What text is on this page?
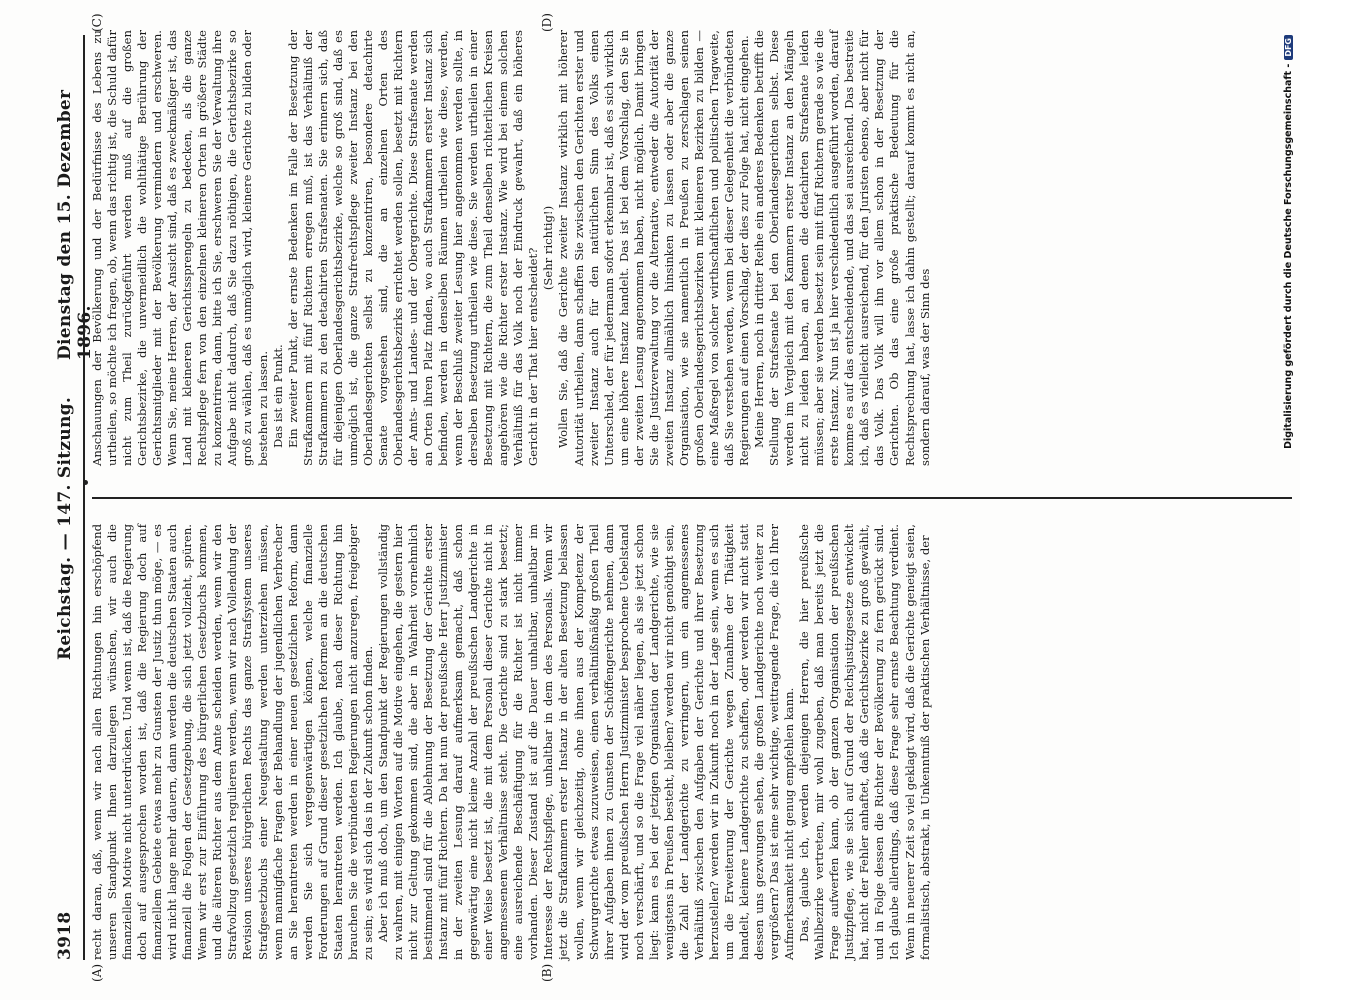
3918
Reichstag. — 147. Sitzung.
Dienstag den 15. Dezember 1896.
(A)	(B)
(C)	(D)

recht daran, daß, wenn wir nach allen Richtungen hin erschöpfend unseren Standpunkt Ihnen darzulegen wünschen, wir auch die finanziellen Motive nicht unterdrücken. Und wenn ist, daß die Regierung doch auf ausgesprochen worden ist, daß die Regierung doch auf finanziellem Gebiete etwas mehr zu Gunsten der Justiz thun möge, — es wird nicht lange mehr dauern, dann werden die deutschen Staaten auch finanziell die Folgen der Gesetzgebung, die sich jetzt vollzieht, spüren. Wenn wir erst zur Einführung des bürgerlichen Gesetzbuchs kommen, und die älteren Richter aus dem Amte scheiden werden, wenn wir den Strafvollzug gesetzlich regulieren werden, wenn wir nach Vollendung der Revision unseres bürgerlichen Rechts das ganze Strafsystem unseres Strafgesetzbuchs einer Neugestaltung werden unterziehen müssen, wenn mannigfache Fragen der Behandlung der jugendlichen Verbrecher an Sie herantreten werden in einer neuen gesetzlichen Reform, dann werden Sie sich vergegenwärtigen können, welche finanzielle Forderungen auf Grund dieser gesetzlichen Reformen an die deutschen Staaten herantreten werden. Ich glaube, nach dieser Richtung hin brauchen Sie die verbündeten Regierungen nicht anzuregen, freigebiger zu sein; es wird sich das in der Zukunft schon finden. Aber ich muß doch, um den Standpunkt der Regierungen vollständig zu wahren, mit einigen Worten auf die Motive eingehen, die gestern hier nicht zur Geltung gekommen sind, die aber in Wahrheit vornehmlich bestimmend sind für die Ablehnung der Besetzung der Gerichte erster Instanz mit fünf Richtern. Da hat nun der preußische Herr Justizminister in der zweiten Lesung darauf aufmerksam gemacht, daß schon gegenwärtig eine nicht kleine Anzahl der preußischen Landgerichte in einer Weise besetzt ist, die mit dem Personal dieser Gerichte nicht in angemessenem Verhältnisse steht. Die Gerichte sind zu stark besetzt; eine ausreichende Beschäftigung für die Richter ist nicht immer vorhanden. Dieser Zustand ist auf die Dauer unhaltbar, unhaltbar im Interesse der Rechtspflege, unhaltbar in dem des Personals. Wenn wir jetzt die Strafkammern erster Instanz in der alten Besetzung belassen wollen, wenn wir gleichzeitig, ohne ihnen aus der Kompetenz der Schwurgerichte etwas zuzuweisen, einen verhältnißmäßig großen Theil ihrer Aufgaben ihnen zu Gunsten der Schöffengerichte nehmen, dann wird der vom preußischen Herrn Justizminister besprochene Uebelstand noch verschärft, und so die Frage viel näher liegen, als sie jetzt schon liegt: kann es bei der jetzigen Organisation der Landgerichte, wie sie wenigstens in Preußen besteht, bleiben? werden wir nicht genöthigt sein, die Zahl der Landgerichte zu verringern, um ein angemessenes Verhältniß zwischen den Aufgaben der Gerichte und ihrer Besetzung herzustellen? werden wir in Zukunft noch in der Lage sein, wenn es sich um die Erweiterung der Gerichte wegen Zunahme der Thätigkeit handelt, kleinere Landgerichte zu schaffen, oder werden wir nicht statt dessen uns gezwungen sehen, die großen Landgerichte noch weiter zu vergrößern? Das ist eine sehr wichtige, weittragende Frage, die ich Ihrer Aufmerksamkeit nicht genug empfehlen kann. Das, glaube ich, werden diejenigen Herren, die hier preußische Wahlbezirke vertreten, mir wohl zugeben, daß man bereits jetzt die Frage aufwerfen kann, ob der ganzen Organisation der preußischen Justizpflege, wie sie sich auf Grund der Reichsjustizgesetze entwickelt hat, nicht der Fehler anhaftet, daß die Gerichtsbezirke zu groß gewählt, und in Folge dessen die Richter der Bevölkerung zu fern gerückt sind. Ich glaube allerdings, daß diese Frage sehr ernste Beachtung verdient. Wenn in neuerer Zeit so viel geklagt wird, daß die Gerichte geneigt seien, formalistisch, abstrakt, in Unkenntniß der praktischen Verhältnisse, der

Anschauungen der Bevölkerung und der Bedürfnisse des Lebens zu urtheilen, so möchte ich fragen, ob, wenn das richtig ist, die Schuld dafür nicht zum Theil zurückgeführt werden muß auf die großen Gerichtsbezirke, die unvermeidlich die wohlthätige Berührung der Gerichtsmitglieder mit der Bevölkerung vermindern und erschweren. Wenn Sie, meine Herren, der Ansicht sind, daß es zweckmäßiger ist, das Land mit kleineren Gerichtssprengeln zu bedecken, als die ganze Rechtspflege fern von den einzelnen kleineren Orten in größere Städte zu konzentriren, dann, bitte ich Sie, erschweren Sie der Verwaltung ihre Aufgabe nicht dadurch, daß Sie dazu nöthigen, die Gerichtsbezirke so groß zu wählen, daß es unmöglich wird, kleinere Gerichte zu bilden oder bestehen zu lassen. Das ist ein Punkt. Ein zweiter Punkt, der ernste Bedenken im Falle der Besetzung der Strafkammern mit fünf Richtern erregen muß, ist das Verhältniß der Strafkammern zu den detachirten Strafsenaten. Sie erinnern sich, daß für diejenigen Oberlandesgerichtsbezirke, welche so groß sind, daß es unmöglich ist, die ganze Strafrechtspflege zweiter Instanz bei den Oberlandesgerichten selbst zu konzentriren, besondere detachirte Senate vorgesehen sind, die an einzelnen Orten des Oberlandesgerichtsbezirks errichtet werden sollen, besetzt mit Richtern der Amts- und Landes- und der Obergerichte. Diese Strafsenate werden an Orten ihren Platz finden, wo auch Strafkammern erster Instanz sich befinden, werden in denselben Räumen urtheilen wie diese, werden, wenn der Beschluß zweiter Lesung hier angenommen werden sollte, in derselben Besetzung urtheilen wie diese. Sie werden urtheilen in einer Besetzung mit Richtern, die zum Theil denselben richterlichen Kreisen angehören wie die Richter erster Instanz. Wie wird bei einem solchen Verhältniß für das Volk noch der Eindruck gewahrt, daß ein höheres Gericht in der That hier entscheidet? (Sehr richtig!) Wollen Sie, daß die Gerichte zweiter Instanz wirklich mit höherer Autorität urtheilen, dann schaffen Sie zwischen den Gerichten erster und zweiter Instanz auch für den natürlichen Sinn des Volks einen Unterschied, der für jedermann sofort erkennbar ist, daß es sich wirklich um eine höhere Instanz handelt. Das ist bei dem Vorschlag, den Sie in der zweiten Lesung angenommen haben, nicht möglich. Damit bringen Sie die Justizverwaltung vor die Alternative, entweder die Autorität der zweiten Instanz allmählich hinsinken zu lassen oder aber die ganze Organisation, wie sie namentlich in Preußen zu zerschlagen seinen großen Oberlandesgerichtsbezirken mit kleineren Bezirken zu bilden — eine Maßregel von solcher wirthschaftlichen und politischen Tragweite, daß Sie verstehen werden, wenn bei dieser Gelegenheit die verbündeten Regierungen auf einen Vorschlag, der dies zur Folge hat, nicht eingehen. Meine Herren, noch in dritter Reihe ein anderes Bedenken betrifft die Stellung der Strafsenate bei den Oberlandesgerichten selbst. Diese werden im Vergleich mit den Kammern erster Instanz an den Mängeln nicht zu leiden haben, an denen die detachirten Strafsenate leiden müssen; aber sie werden besetzt sein mit fünf Richtern gerade so wie die erste Instanz. Nun ist ja hier verschiedentlich ausgeführt worden, darauf komme es auf das entscheidende, und das sei ausreichend. Das bestreite ich, daß es vielleicht ausreichend, für den Juristen ebenso, aber nicht für das Volk. Das Volk will ihn vor allem schon in der Besetzung der Gerichten. Ob das eine große praktische Bedeutung für die Rechtsprechung hat, lasse ich dahin gestellt; darauf kommt es nicht an, sondern darauf, was der Sinn des	Digitalisierung gefördert durch die Deutsche Forschungsgemeinschaft -DFG
